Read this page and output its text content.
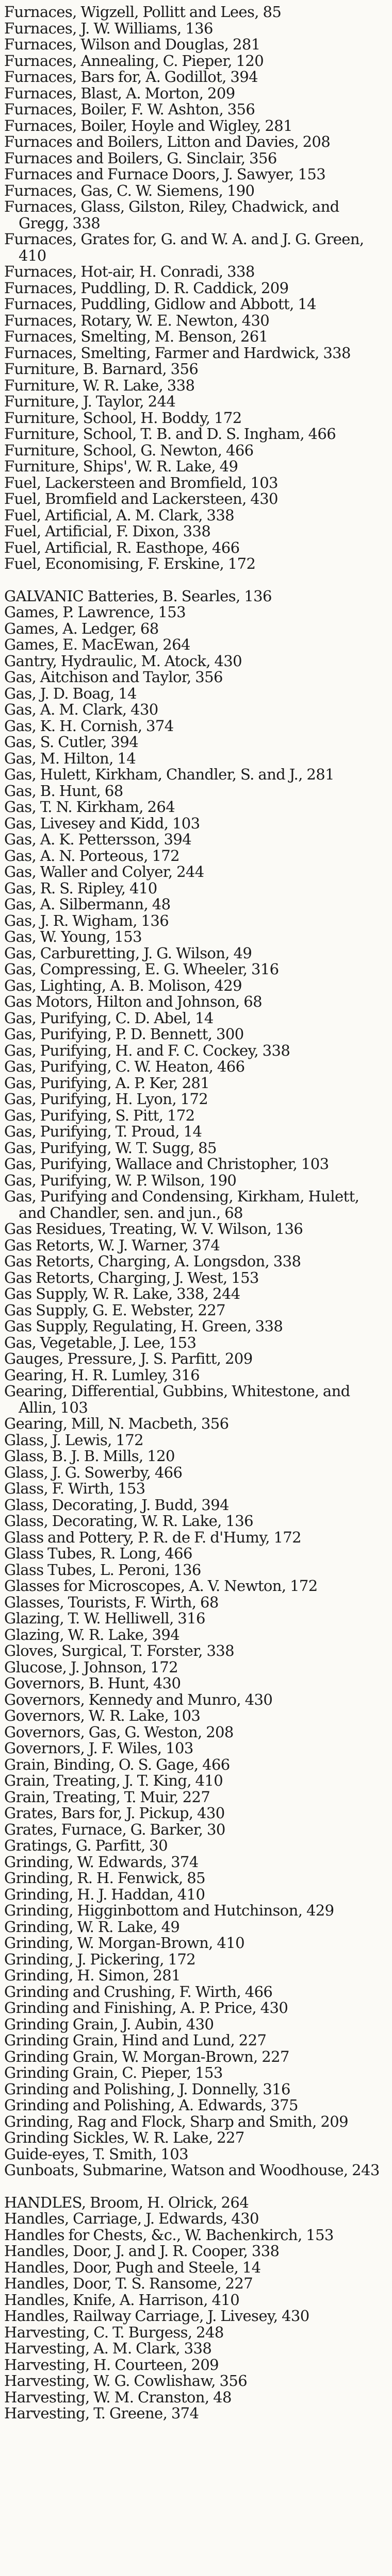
Furnaces, Wigzell, Pollitt and Lees, 85
Furnaces, J. W. Williams, 136
Furnaces, Wilson and Douglas, 281
Furnaces, Annealing, C. Pieper, 120
Furnaces, Bars for, A. Godillot, 394
Furnaces, Blast, A. Morton, 209
Furnaces, Boiler, F. W. Ashton, 356
Furnaces, Boiler, Hoyle and Wigley, 281
Furnaces and Boilers, Litton and Davies, 208
Furnaces and Boilers, G. Sinclair, 356
Furnaces and Furnace Doors, J. Sawyer, 153
Furnaces, Gas, C. W. Siemens, 190
Furnaces, Glass, Gilston, Riley, Chadwick, and Gregg, 338
Furnaces, Grates for, G. and W. A. and J. G. Green, 410
Furnaces, Hot-air, H. Conradi, 338
Furnaces, Puddling, D. R. Caddick, 209
Furnaces, Puddling, Gidlow and Abbott, 14
Furnaces, Rotary, W. E. Newton, 430
Furnaces, Smelting, M. Benson, 261
Furnaces, Smelting, Farmer and Hardwick, 338
Furniture, B. Barnard, 356
Furniture, W. R. Lake, 338
Furniture, J. Taylor, 244
Furniture, School, H. Boddy, 172
Furniture, School, T. B. and D. S. Ingham, 466
Furniture, School, G. Newton, 466
Furniture, Ships', W. R. Lake, 49
Fuel, Lackerstеen and Bromfield, 103
Fuel, Bromfield and Lackersteen, 430
Fuel, Artificial, A. M. Clark, 338
Fuel, Artificial, F. Dixon, 338
Fuel, Artificial, R. Easthope, 466
Fuel, Economising, F. Erskine, 172
GALVANIC Batteries, B. Searles, 136
Games, P. Lawrence, 153
Games, A. Ledger, 68
Games, E. MacEwan, 264
Gantry, Hydraulic, M. Atock, 430
Gas, Aitchison and Taylor, 356
Gas, J. D. Boag, 14
Gas, A. M. Clark, 430
Gas, K. H. Cornish, 374
Gas, S. Cutler, 394
Gas, M. Hilton, 14
Gas, Hulett, Kirkham, Chandler, S. and J., 281
Gas, B. Hunt, 68
Gas, T. N. Kirkham, 264
Gas, Livesey and Kidd, 103
Gas, A. K. Pettersson, 394
Gas, A. N. Porteous, 172
Gas, Waller and Colyer, 244
Gas, R. S. Ripley, 410
Gas, A. Silbermann, 48
Gas, J. R. Wigham, 136
Gas, W. Young, 153
Gas, Carburetting, J. G. Wilson, 49
Gas, Compressing, E. G. Wheeler, 316
Gas, Lighting, A. B. Molison, 429
Gas Motors, Hilton and Johnson, 68
Gas, Purifying, C. D. Abel, 14
Gas, Purifying, P. D. Bennett, 300
Gas, Purifying, H. and F. C. Cockey, 338
Gas, Purifying, C. W. Heaton, 466
Gas, Purifying, A. P. Ker, 281
Gas, Purifying, H. Lyon, 172
Gas, Purifying, S. Pitt, 172
Gas, Purifying, T. Proud, 14
Gas, Purifying, W. T. Sugg, 85
Gas, Purifying, Wallace and Christopher, 103
Gas, Purifying, W. P. Wilson, 190
Gas, Purifying and Condensing, Kirkham, Hulett, and Chandler, sen. and jun., 68
Gas Residues, Treating, W. V. Wilson, 136
Gas Retorts, W. J. Warner, 374
Gas Retorts, Charging, A. Longsdon, 338
Gas Retorts, Charging, J. West, 153
Gas Supply, W. R. Lake, 338, 244
Gas Supply, G. E. Webster, 227
Gas Supply, Regulating, H. Green, 338
Gas, Vegetable, J. Lee, 153
Gauges, Pressure, J. S. Parfitt, 209
Gearing, H. R. Lumley, 316
Gearing, Differential, Gubbins, Whitestone, and Allin, 103
Gearing, Mill, N. Macbeth, 356
Glass, J. Lewis, 172
Glass, B. J. B. Mills, 120
Glass, J. G. Sowerby, 466
Glass, F. Wirth, 153
Glass, Decorating, J. Budd, 394
Glass, Decorating, W. R. Lake, 136
Glass and Pottery, P. R. de F. d'Humy, 172
Glass Tubes, R. Long, 466
Glass Tubes, L. Peroni, 136
Glasses for Microscopes, A. V. Newton, 172
Glasses, Tourists, F. Wirth, 68
Glazing, T. W. Helliwell, 316
Glazing, W. R. Lake, 394
Gloves, Surgical, T. Forster, 338
Glucose, J. Johnson, 172
Governors, B. Hunt, 430
Governors, Kennedy and Munro, 430
Governors, W. R. Lake, 103
Governors, Gas, G. Weston, 208
Governors, J. F. Wiles, 103
Grain, Binding, O. S. Gage, 466
Grain, Treating, J. T. King, 410
Grain, Treating, T. Muir, 227
Grates, Bars for, J. Pickup, 430
Grates, Furnace, G. Barker, 30
Gratings, G. Parfitt, 30
Grinding, W. Edwards, 374
Grinding, R. H. Fenwick, 85
Grinding, H. J. Haddan, 410
Grinding, Higginbottom and Hutchinson, 429
Grinding, W. R. Lake, 49
Grinding, W. Morgan-Brown, 410
Grinding, J. Pickering, 172
Grinding, H. Simon, 281
Grinding and Crushing, F. Wirth, 466
Grinding and Finishing, A. P. Price, 430
Grinding Grain, J. Aubin, 430
Grinding Grain, Hind and Lund, 227
Grinding Grain, W. Morgan-Brown, 227
Grinding Grain, C. Pieper, 153
Grinding and Polishing, J. Donnelly, 316
Grinding and Polishing, A. Edwards, 375
Grinding, Rag and Flock, Sharp and Smith, 209
Grinding Sickles, W. R. Lake, 227
Guide-eyes, T. Smith, 103
Gunboats, Submarine, Watson and Woodhouse, 243
HANDLES, Broom, H. Olrick, 264
Handles, Carriage, J. Edwards, 430
Handles for Chests, &c., W. Bachenkirch, 153
Handles, Door, J. and J. R. Cooper, 338
Handles, Door, Pugh and Steele, 14
Handles, Door, T. S. Ransome, 227
Handles, Knife, A. Harrison, 410
Handles, Railway Carriage, J. Livesey, 430
Harvesting, C. T. Burgess, 248
Harvesting, A. M. Clark, 338
Harvesting, H. Courteen, 209
Harvesting, W. G. Cowlishaw, 356
Harvesting, W. M. Cranston, 48
Harvesting, T. Greene, 374
